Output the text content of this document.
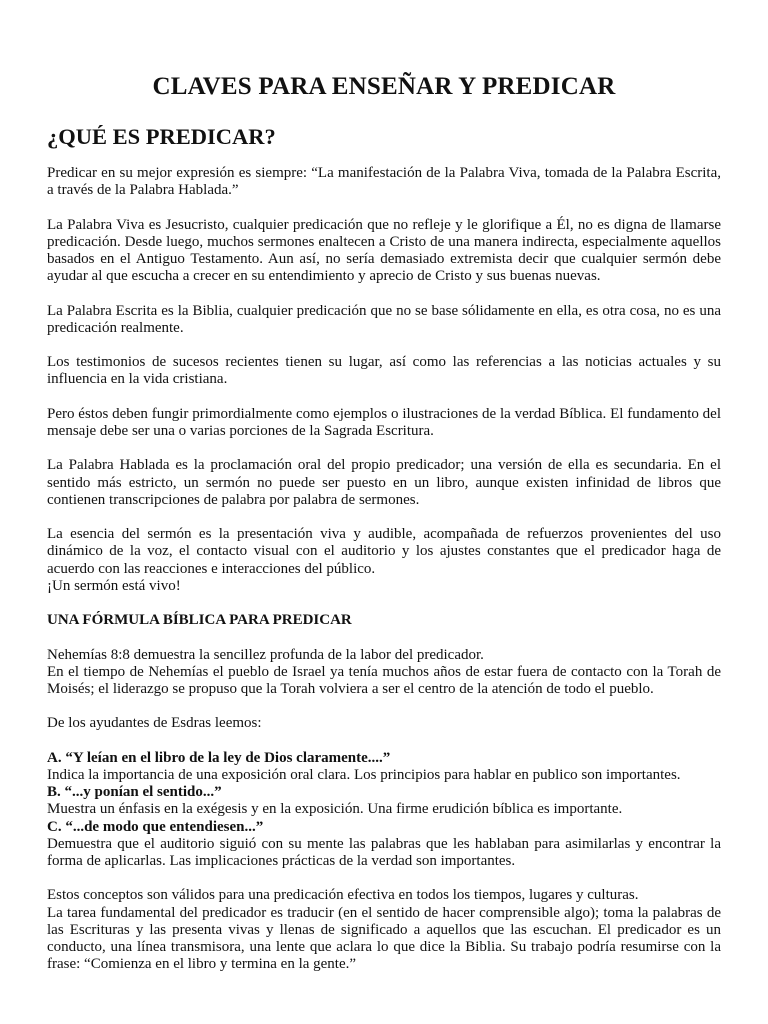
CLAVES PARA ENSEÑAR Y PREDICAR
¿QUÉ ES PREDICAR?

Predicar en su mejor expresión es siempre: “La manifestación de la Palabra Viva, tomada de la Palabra Escrita, a través de la Palabra Hablada.”

La Palabra Viva es Jesucristo, cualquier predicación que no refleje y le glorifique a Él, no es digna de llamarse predicación. Desde luego, muchos sermones enaltecen a Cristo de una manera indirecta, especialmente aquellos basados en el Antiguo Testamento. Aun así, no sería demasiado extremista decir que cualquier sermón debe ayudar al que escucha a crecer en su entendimiento y aprecio de Cristo y sus buenas nuevas.

La Palabra Escrita es la Biblia, cualquier predicación que no se base sólidamente en ella, es otra cosa, no es una predicación realmente.

Los testimonios de sucesos recientes tienen su lugar, así como las referencias a las noticias actuales y su influencia en la vida cristiana.

Pero éstos deben fungir primordialmente como ejemplos o ilustraciones de la verdad Bíblica. El fundamento del mensaje debe ser una o varias porciones de la Sagrada Escritura.

La Palabra Hablada es la proclamación oral del propio predicador; una versión de ella es secundaria. En el sentido más estricto, un sermón no puede ser puesto en un libro, aunque existen infinidad de libros que contienen transcripciones de palabra por palabra de sermones.

La esencia del sermón es la presentación viva y audible, acompañada de refuerzos provenientes del uso dinámico de la voz, el contacto visual con el auditorio y los ajustes constantes que el predicador haga de acuerdo con las reacciones e interacciones del público.

¡Un sermón está vivo!

UNA FÓRMULA BÍBLICA PARA PREDICAR

Nehemías 8:8 demuestra la sencillez profunda de la labor del predicador.

En el tiempo de Nehemías el pueblo de Israel ya tenía muchos años de estar fuera de contacto con la Torah de Moisés; el liderazgo se propuso que la Torah volviera a ser el centro de la atención de todo el pueblo.

De los ayudantes de Esdras leemos:

A. “Y leían en el libro de la ley de Dios claramente....”
Indica la importancia de una exposición oral clara. Los principios para hablar en publico son importantes.

B. “...y ponían el sentido...”
Muestra un énfasis en la exégesis y en la exposición. Una firme erudición bíblica es importante.

C. “...de modo que entendiesen...”
Demuestra que el auditorio siguió con su mente las palabras que les hablaban para asimilarlas y encontrar la forma de aplicarlas. Las implicaciones prácticas de la verdad son importantes.

Estos conceptos son válidos para una predicación efectiva en todos los tiempos, lugares y culturas.

La tarea fundamental del predicador es traducir (en el sentido de hacer comprensible algo); toma la palabras de las Escrituras y las presenta vivas y llenas de significado a aquellos que las escuchan. El predicador es un conducto, una línea transmisora, una lente que aclara lo que dice la Biblia. Su trabajo podría resumirse con la frase: “Comienza en el libro y termina en la gente.”
